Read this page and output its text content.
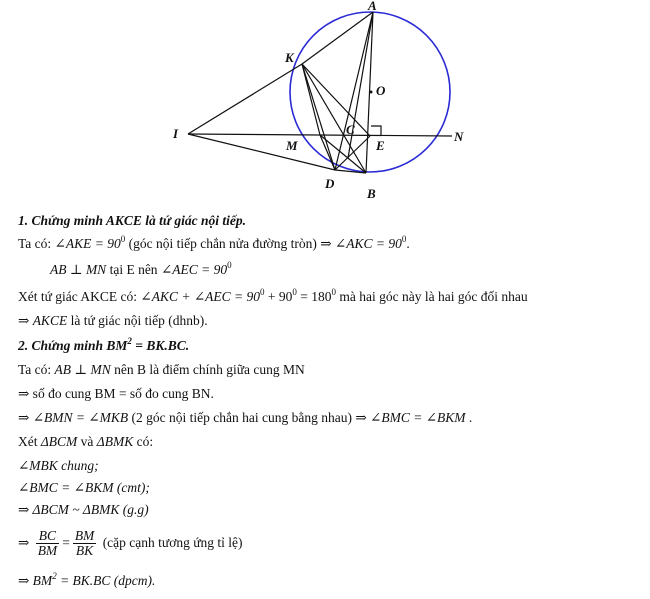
A
O
K
I
M
C
E
N
D
B
1. Chứng minh AKCE là tứ giác nội tiếp.
Ta có: ∠AKE = $90^0$ (góc nội tiếp chắn nửa đường tròn) ⇒ ∠AKC = $90^0$.
AB ⊥ MN tại E nên ∠AEC = $90^0$
Xét tứ giác AKCE có: ∠AKC + ∠AEC = $90^0 + 90^0 = 180^0$ mà hai góc này là hai góc đối nhau
⇒ AKCE là tứ giác nội tiếp (dhnb).
2. Chứng minh $BM^2 = BK.BC$.
Ta có: AB ⊥ MN nên B là điểm chính giữa cung MN
⇒ số đo cung BM = số đo cung BN.
⇒ ∠BMN = ∠MKB (2 góc nội tiếp chắn hai cung bằng nhau) ⇒ ∠BMC = ∠BKM .
Xét ΔBCM và ΔBMK có:
∠MBK chung;
∠BMC = ∠BKM (cmt);
⇒ ΔBCM ~ ΔBMK (g.g)
⇒ $\frac{BC}{BM} = \frac{BM}{BK}$ (cặp cạnh tương ứng tỉ lệ)
⇒ $BM^2 = BK.BC$ (dpcm).
